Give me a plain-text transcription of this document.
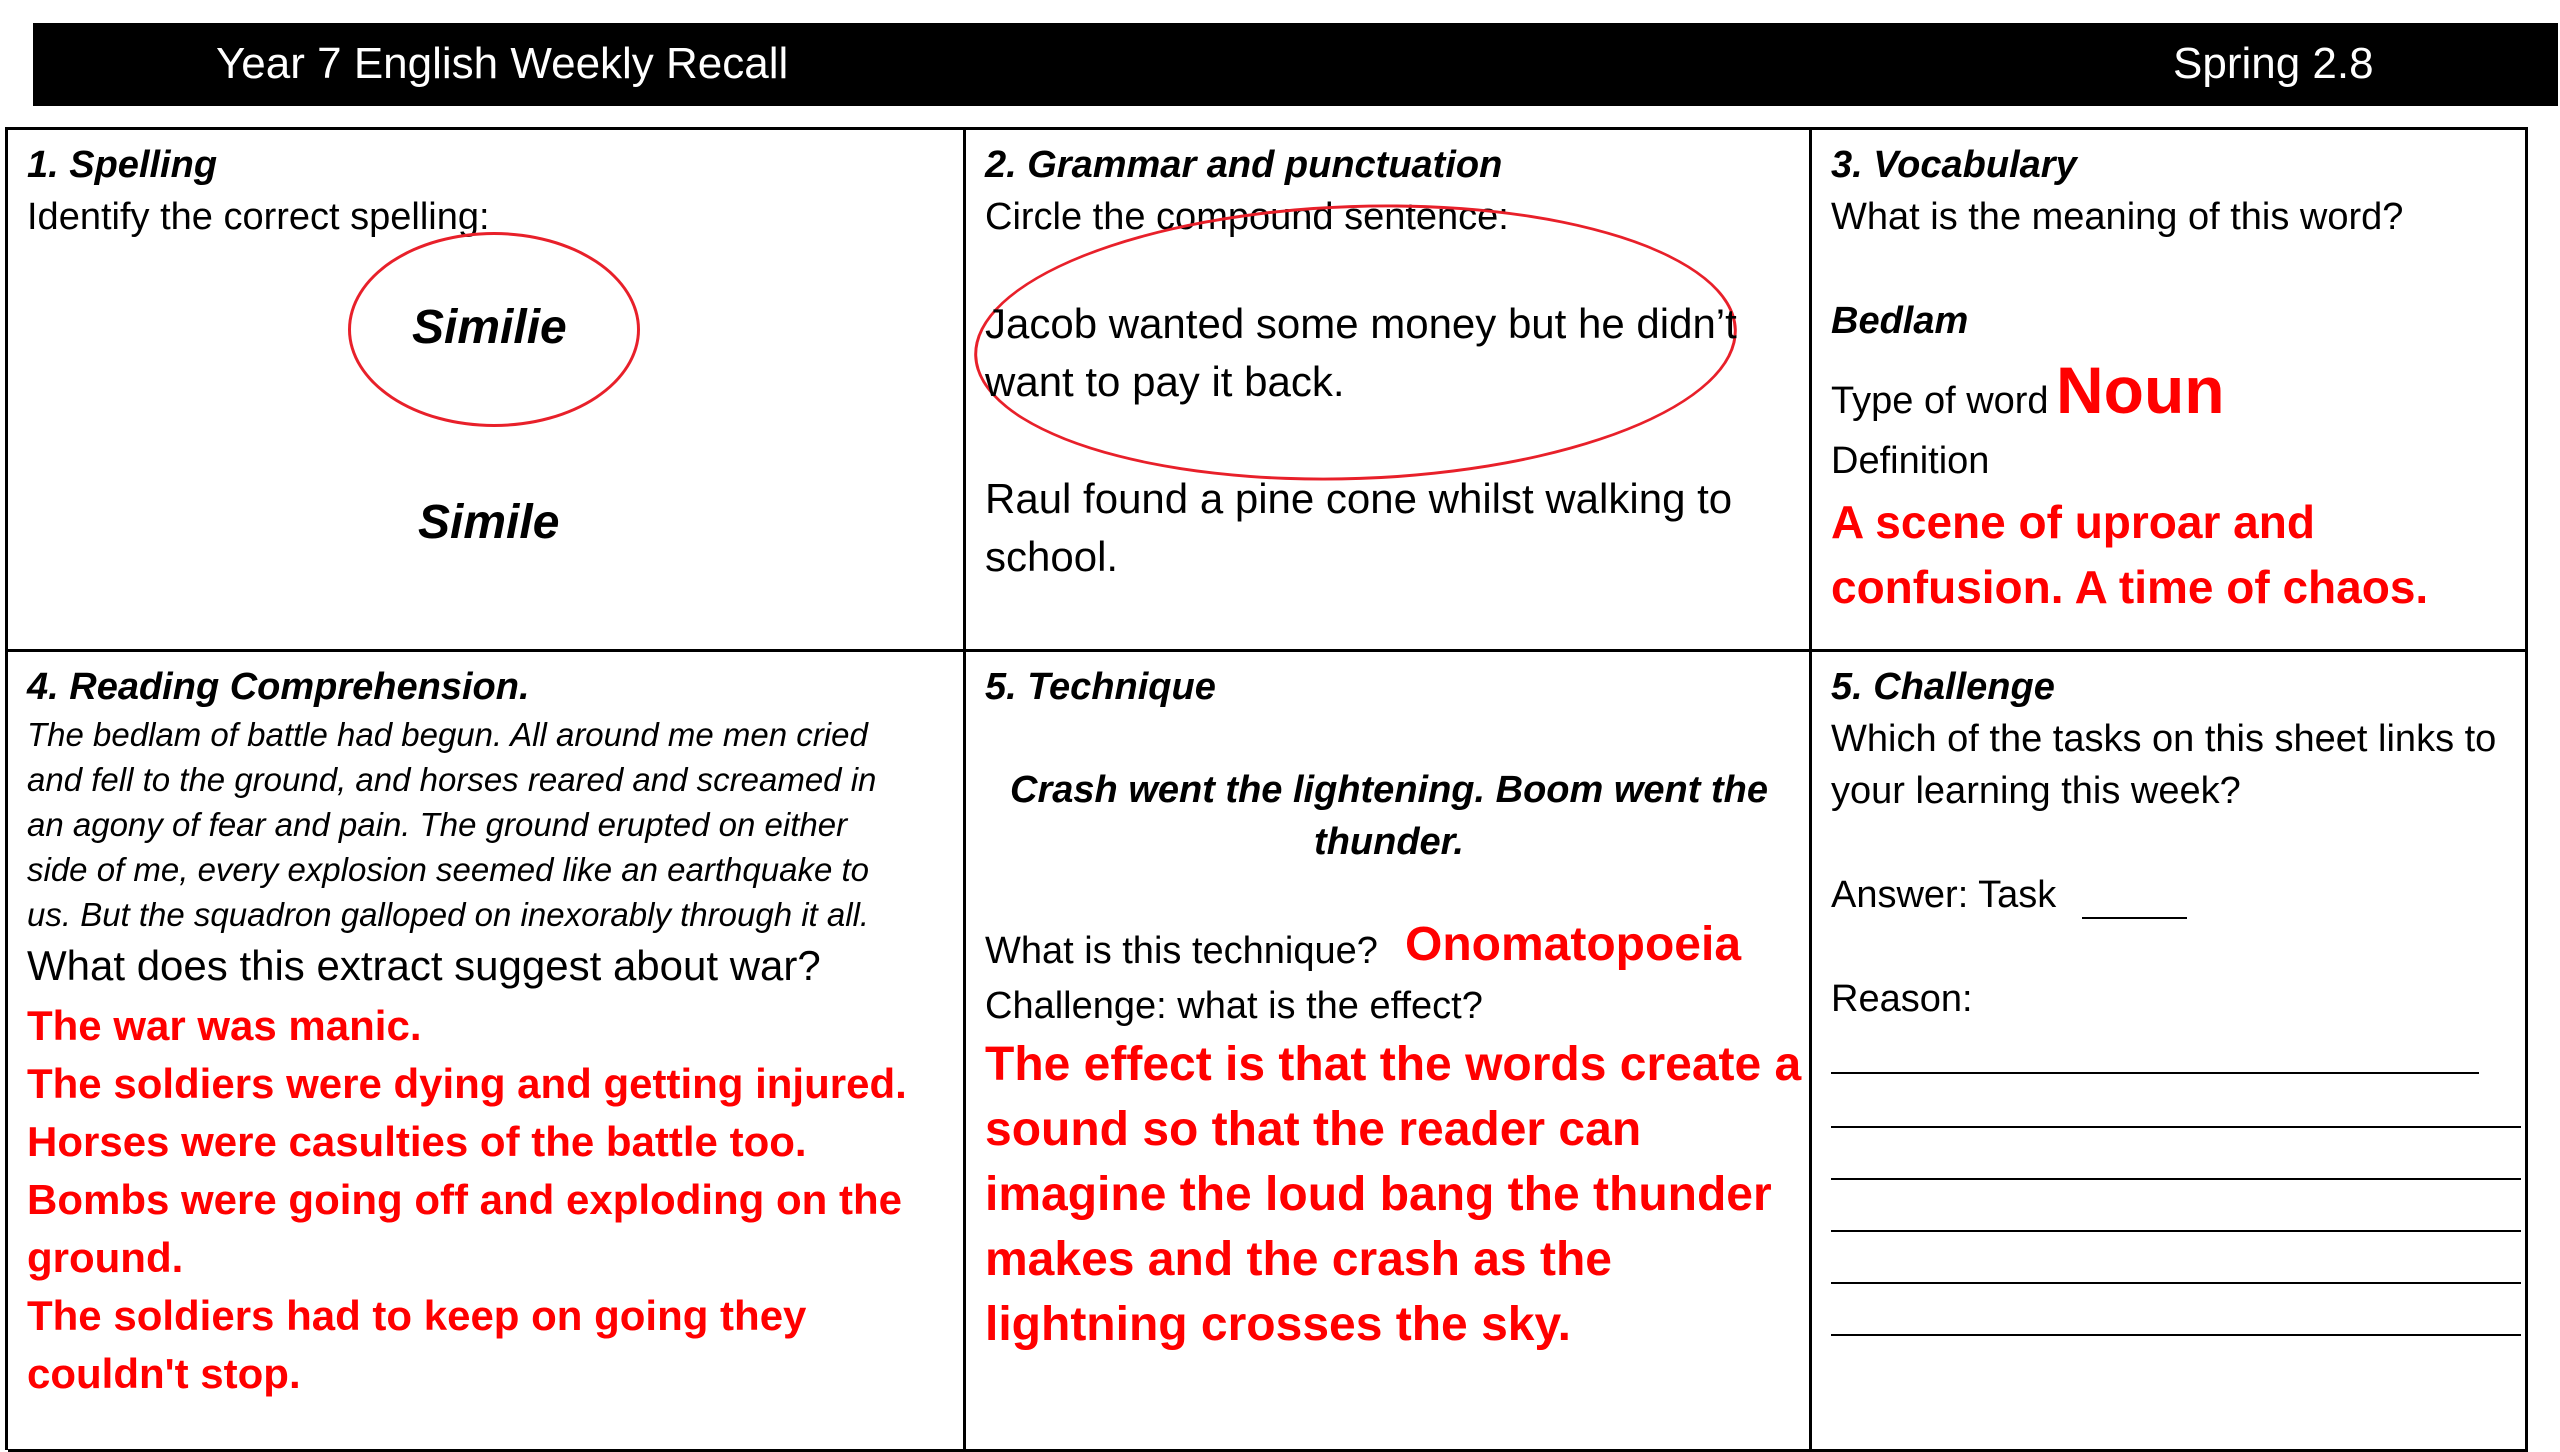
Year 7 English Weekly Recall	Spring 2.8
1. Spelling
Identify the correct spelling:
Similie
Simile
2. Grammar and punctuation
Circle the compound sentence:
Jacob wanted some money but he didn’t
want to pay it back.
Raul found a pine cone whilst walking to
school.
3. Vocabulary
What is the meaning of this word?
Bedlam
Type of word Noun
Definition
A scene of uproar and
confusion. A time of chaos.
4. Reading Comprehension.
The bedlam of battle had begun. All around me men cried
and fell to the ground, and horses reared and screamed in
an agony of fear and pain. The ground erupted on either
side of me, every explosion seemed like an earthquake to
us. But the squadron galloped on inexorably through it all.
What does this extract suggest about war?
The war was manic.
The soldiers were dying and getting injured.
Horses were casulties of the battle too.
Bombs were going off and exploding on the
ground.
The soldiers had to keep on going they
couldn't stop.
5. Technique
Crash went the lightening. Boom went the
thunder.
What is this technique? Onomatopoeia
Challenge: what is the effect?
The effect is that the words create a
sound so that the reader can
imagine the loud bang the thunder
makes and the crash as the
lightning crosses the sky.
5. Challenge
Which of the tasks on this sheet links to
your learning this week?
Answer: Task
Reason:
